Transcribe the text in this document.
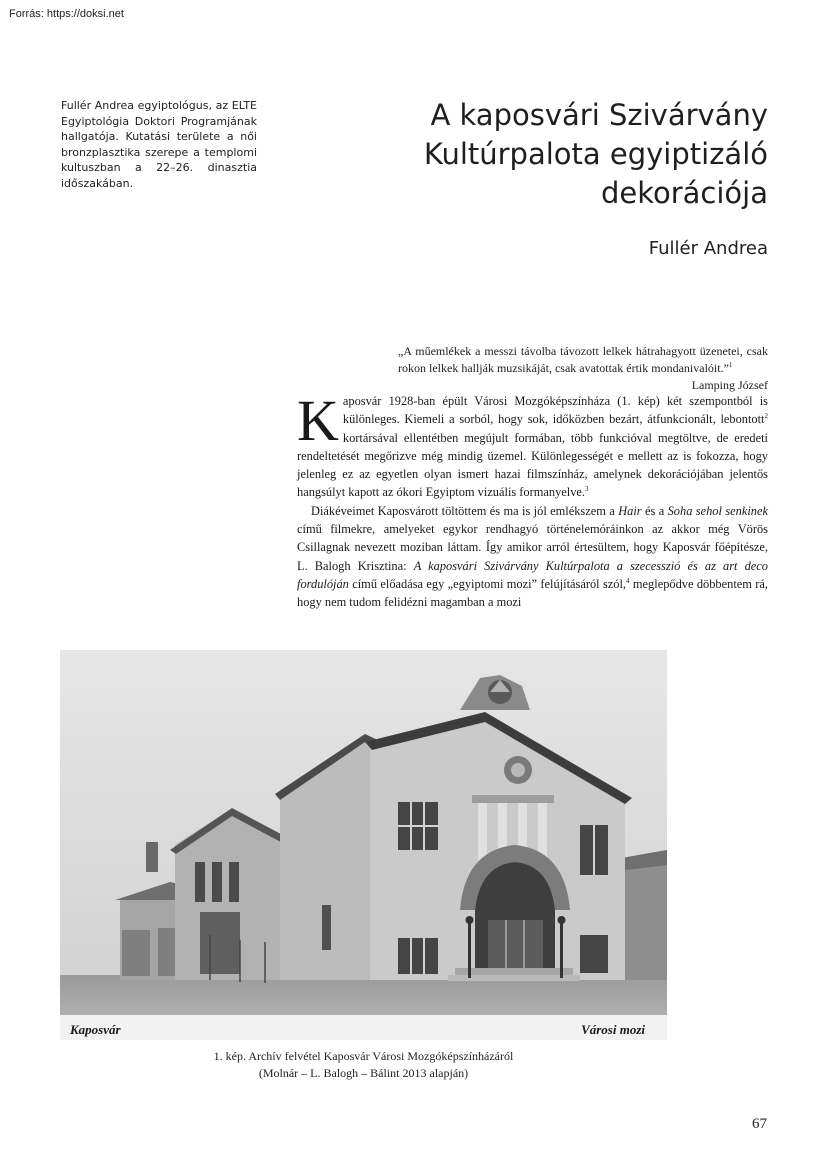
Forrás: https://doksi.net
Fullér Andrea egyiptológus, az ELTE Egyiptológia Doktori Programjának hallgatója. Kutatási területe a női bronzplasztika szerepe a templomi kultuszban a 22–26. dinasztia időszakában.
A kaposvári Szivárvány
Kultúrpalota egyiptizáló
dekorációja
Fullér Andrea
„A műemlékek a messzi távolba távozott lelkek hátrahagyott üzenetei, csak rokon lelkek hallják muzsikáját, csak avatottak értik mondanivalóit.”$^1$
Lamping József

Kaposvár 1928-ban épült Városi Mozgóképszínháza (1. kép) két szempontból is különleges. Kiemeli a sorból, hogy sok, időközben bezárt, átfunkcionált, lebontott$^2$ kortársával ellentétben megújult formában, több funkcióval megtöltve, de eredeti rendeltetését megőrizve még mindig üzemel. Különlegességét e mellett az is fokozza, hogy jelenleg ez az egyetlen olyan ismert hazai filmszínház, amelynek dekorációjában jelentős hangsúlyt kapott az ókori Egyiptom vizuális formanyelve.$^3$

Diákéveimet Kaposvárott töltöttem és ma is jól emlékszem a Hair és a Soha sehol senkinek című filmekre, amelyeket egykor rendhagyó történelemóráinkon az akkor még Vörös Csillagnak nevezett moziban láttam. Így amikor arról értesültem, hogy Kaposvár főépítésze, L. Balogh Krisztina: A kaposvári Szivárvány Kultúrpalota a szecesszió és az art deco fordulóján című előadása egy „egyiptomi mozi” felújításáról szól,$^4$ meglepődve döbbentem rá, hogy nem tudom felidézni magamban a mozi

Kaposvár	Városi mozi
1. kép. Archív felvétel Kaposvár Városi Mozgóképszínházáról
(Molnár – L. Balogh – Bálint 2013 alapján)
67
